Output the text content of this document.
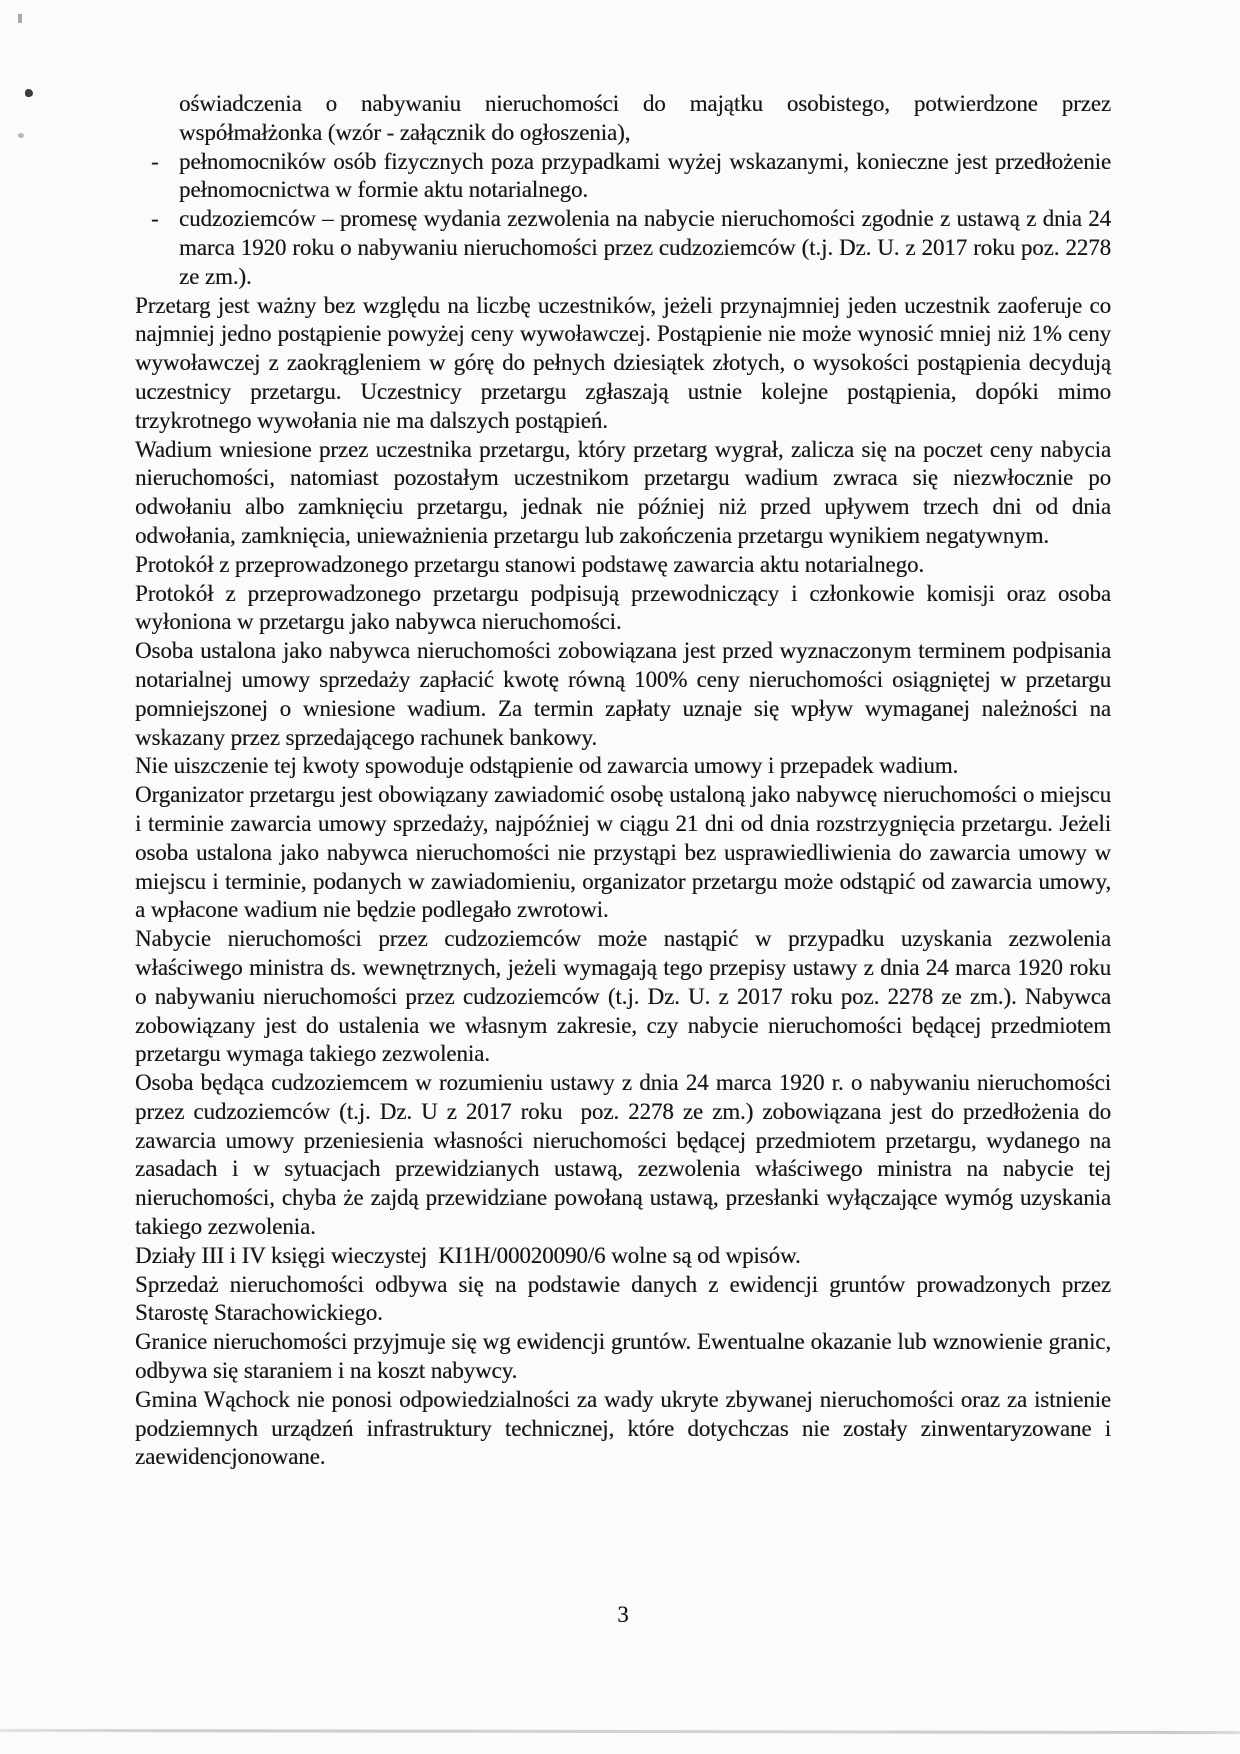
oświadczenia o nabywaniu nieruchomości do majątku osobistego, potwierdzone przez współmałżonka (wzór - załącznik do ogłoszenia),
- pełnomocników osób fizycznych poza przypadkami wyżej wskazanymi, konieczne jest przedłożenie pełnomocnictwa w formie aktu notarialnego.
- cudzoziemców – promesę wydania zezwolenia na nabycie nieruchomości zgodnie z ustawą z dnia 24 marca 1920 roku o nabywaniu nieruchomości przez cudzoziemców (t.j. Dz. U. z 2017 roku poz. 2278 ze zm.).

Przetarg jest ważny bez względu na liczbę uczestników, jeżeli przynajmniej jeden uczestnik zaoferuje co najmniej jedno postąpienie powyżej ceny wywoławczej. Postąpienie nie może wynosić mniej niż 1% ceny wywoławczej z zaokrągleniem w górę do pełnych dziesiątek złotych, o wysokości postąpienia decydują uczestnicy przetargu. Uczestnicy przetargu zgłaszają ustnie kolejne postąpienia, dopóki mimo trzykrotnego wywołania nie ma dalszych postąpień.

Wadium wniesione przez uczestnika przetargu, który przetarg wygrał, zalicza się na poczet ceny nabycia nieruchomości, natomiast pozostałym uczestnikom przetargu wadium zwraca się niezwłocznie po odwołaniu albo zamknięciu przetargu, jednak nie później niż przed upływem trzech dni od dnia odwołania, zamknięcia, unieważnienia przetargu lub zakończenia przetargu wynikiem negatywnym.

Protokół z przeprowadzonego przetargu stanowi podstawę zawarcia aktu notarialnego.

Protokół z przeprowadzonego przetargu podpisują przewodniczący i członkowie komisji oraz osoba wyłoniona w przetargu jako nabywca nieruchomości.

Osoba ustalona jako nabywca nieruchomości zobowiązana jest przed wyznaczonym terminem podpisania notarialnej umowy sprzedaży zapłacić kwotę równą 100% ceny nieruchomości osiągniętej w przetargu pomniejszonej o wniesione wadium. Za termin zapłaty uznaje się wpływ wymaganej należności na wskazany przez sprzedającego rachunek bankowy.

Nie uiszczenie tej kwoty spowoduje odstąpienie od zawarcia umowy i przepadek wadium.

Organizator przetargu jest obowiązany zawiadomić osobę ustaloną jako nabywcę nieruchomości o miejscu i terminie zawarcia umowy sprzedaży, najpóźniej w ciągu 21 dni od dnia rozstrzygnięcia przetargu. Jeżeli osoba ustalona jako nabywca nieruchomości nie przystąpi bez usprawiedliwienia do zawarcia umowy w miejscu i terminie, podanych w zawiadomieniu, organizator przetargu może odstąpić od zawarcia umowy, a wpłacone wadium nie będzie podlegało zwrotowi.

Nabycie nieruchomości przez cudzoziemców może nastąpić w przypadku uzyskania zezwolenia właściwego ministra ds. wewnętrznych, jeżeli wymagają tego przepisy ustawy z dnia 24 marca 1920 roku o nabywaniu nieruchomości przez cudzoziemców (t.j. Dz. U. z 2017 roku poz. 2278 ze zm.). Nabywca zobowiązany jest do ustalenia we własnym zakresie, czy nabycie nieruchomości będącej przedmiotem przetargu wymaga takiego zezwolenia.

Osoba będąca cudzoziemcem w rozumieniu ustawy z dnia 24 marca 1920 r. o nabywaniu nieruchomości przez cudzoziemców (t.j. Dz. U z 2017 roku  poz. 2278 ze zm.) zobowiązana jest do przedłożenia do zawarcia umowy przeniesienia własności nieruchomości będącej przedmiotem przetargu, wydanego na zasadach i w sytuacjach przewidzianych ustawą, zezwolenia właściwego ministra na nabycie tej nieruchomości, chyba że zajdą przewidziane powołaną ustawą, przesłanki wyłączające wymóg uzyskania takiego zezwolenia.

Działy III i IV księgi wieczystej  KI1H/00020090/6 wolne są od wpisów.

Sprzedaż nieruchomości odbywa się na podstawie danych z ewidencji gruntów prowadzonych przez Starostę Starachowickiego.

Granice nieruchomości przyjmuje się wg ewidencji gruntów. Ewentualne okazanie lub wznowienie granic, odbywa się staraniem i na koszt nabywcy.

Gmina Wąchock nie ponosi odpowiedzialności za wady ukryte zbywanej nieruchomości oraz za istnienie podziemnych urządzeń infrastruktury technicznej, które dotychczas nie zostały zinwentaryzowane i zaewidencjonowane.

3
